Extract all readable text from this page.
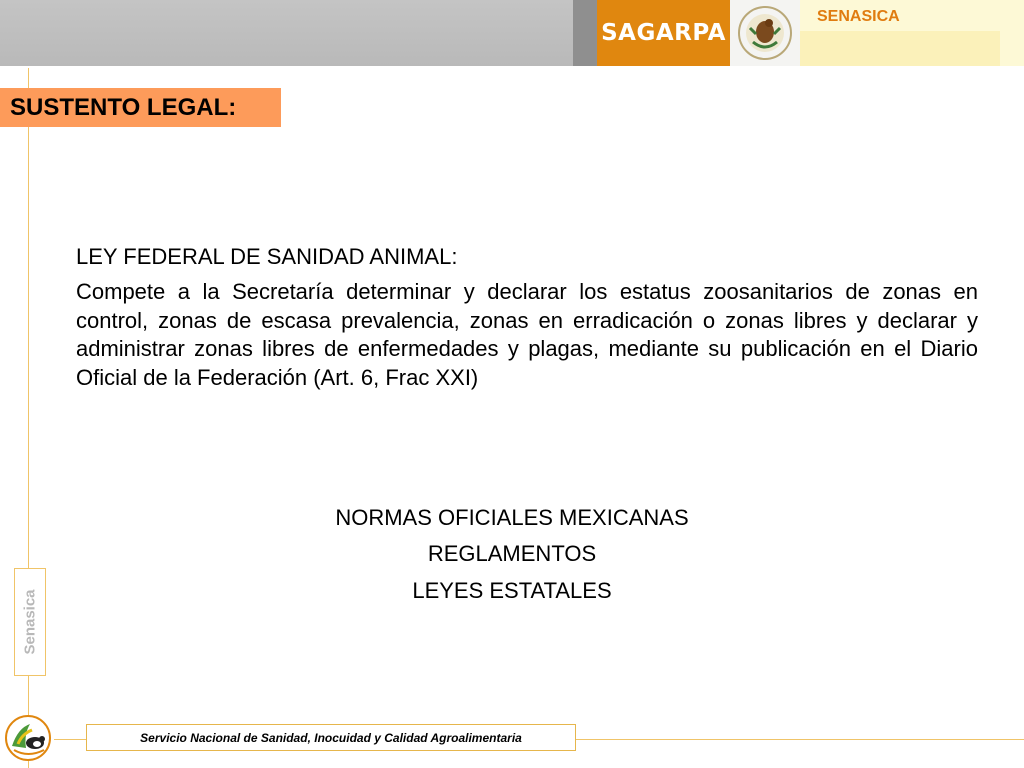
SAGARPA
SENASICA
SUSTENTO LEGAL:
LEY FEDERAL DE SANIDAD ANIMAL:
Compete a la Secretaría determinar y declarar los estatus zoosanitarios de zonas en control, zonas de escasa prevalencia, zonas en erradicación o zonas libres y declarar y administrar zonas libres de enfermedades y plagas, mediante su publicación en el Diario Oficial de la Federación (Art. 6, Frac XXI)
NORMAS OFICIALES MEXICANAS
REGLAMENTOS
LEYES ESTATALES
Senasica
Servicio Nacional de Sanidad, Inocuidad y Calidad Agroalimentaria
